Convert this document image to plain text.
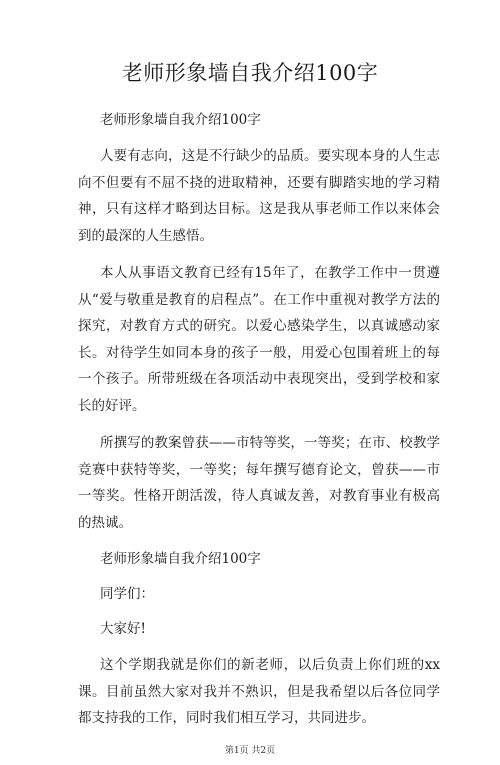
老师形象墙自我介绍100字
老师形象墙自我介绍100字
人要有志向，这是不行缺少的品质。要实现本身的人生志向不但要有不屈不挠的进取精神，还要有脚踏实地的学习精神，只有这样才略到达目标。这是我从事老师工作以来体会到的最深的人生感悟。
本人从事语文教育已经有15年了，在教学工作中一贯遵从“爱与敬重是教育的启程点”。在工作中重视对教学方法的探究，对教育方式的研究。以爱心感染学生，以真诚感动家长。对待学生如同本身的孩子一般，用爱心包围着班上的每一个孩子。所带班级在各项活动中表现突出，受到学校和家长的好评。
所撰写的教案曾获——市特等奖，一等奖；在市、校教学竞赛中获特等奖，一等奖；每年撰写德育论文，曾获——市一等奖。性格开朗活泼，待人真诚友善，对教育事业有极高的热诚。
老师形象墙自我介绍100字
同学们：
大家好!
这个学期我就是你们的新老师，以后负责上你们班的xx课。目前虽然大家对我并不熟识，但是我希望以后各位同学都支持我的工作，同时我们相互学习，共同进步。
第1页 共2页
